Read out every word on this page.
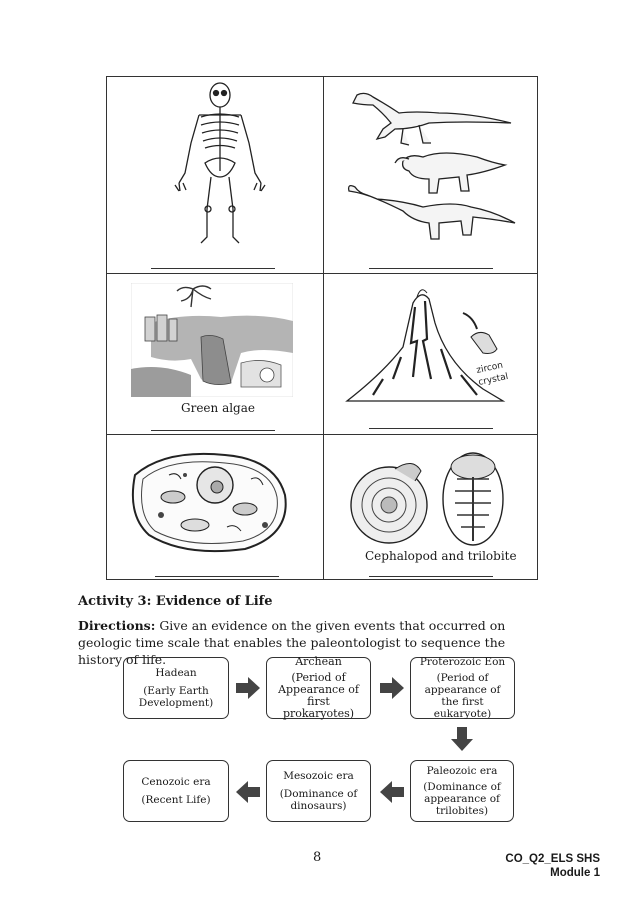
Green algae
zircon
crystal
Cephalopod and trilobite
Activity 3: Evidence of Life
Directions: Give an evidence on the given events that occurred on geologic time scale that enables the paleontologist to sequence the history of life.
Hadean
(Early Earth Development)
Archean
(Period of Appearance of first prokaryotes)
Proterozoic Eon
(Period of appearance of the first eukaryote)
Paleozoic era
(Dominance of appearance of trilobites)
Mesozoic era
(Dominance of dinosaurs)
Cenozoic era
(Recent Life)
8	CO_Q2_ELS SHS
Module 1
